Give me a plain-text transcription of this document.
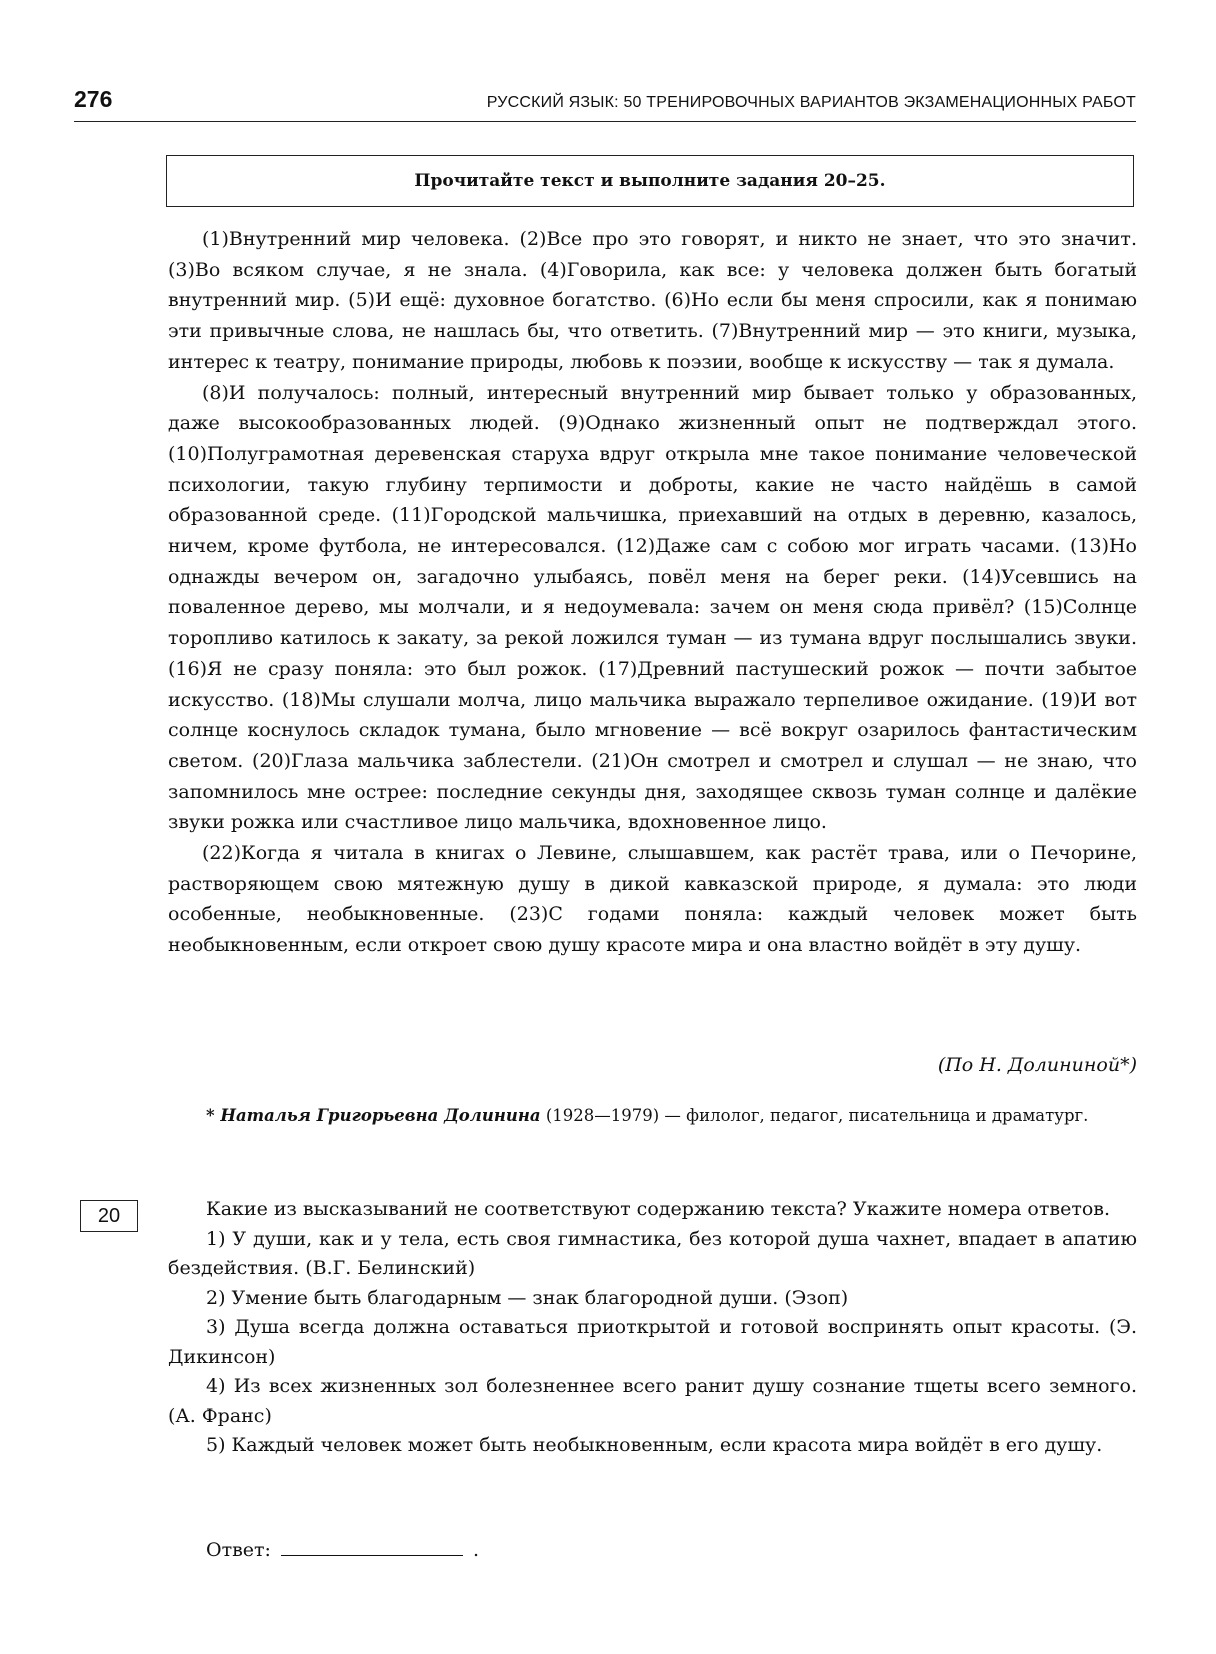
276	РУССКИЙ ЯЗЫК: 50 ТРЕНИРОВОЧНЫХ ВАРИАНТОВ ЭКЗАМЕНАЦИОННЫХ РАБОТ
Прочитайте текст и выполните задания 20–25.

(1)Внутренний мир человека. (2)Все про это говорят, и никто не знает, что это значит. (3)Во всяком случае, я не знала. (4)Говорила, как все: у человека должен быть богатый внутренний мир. (5)И ещё: духовное богатство. (6)Но если бы меня спросили, как я понимаю эти привычные слова, не нашлась бы, что ответить. (7)Внутренний мир — это книги, музыка, интерес к театру, понимание природы, любовь к поэзии, вообще к искусству — так я думала.

(8)И получалось: полный, интересный внутренний мир бывает только у образованных, даже высокообразованных людей. (9)Однако жизненный опыт не подтверждал этого. (10)Полуграмотная деревенская старуха вдруг открыла мне такое понимание человеческой психологии, такую глубину терпимости и доброты, какие не часто найдёшь в самой образованной среде. (11)Городской мальчишка, приехавший на отдых в деревню, казалось, ничем, кроме футбола, не интересовался. (12)Даже сам с собою мог играть часами. (13)Но однажды вечером он, загадочно улыбаясь, повёл меня на берег реки. (14)Усевшись на поваленное дерево, мы молчали, и я недоумевала: зачем он меня сюда привёл? (15)Солнце торопливо катилось к закату, за рекой ложился туман — из тумана вдруг послышались звуки. (16)Я не сразу поняла: это был рожок. (17)Древний пастушеский рожок — почти забытое искусство. (18)Мы слушали молча, лицо мальчика выражало терпеливое ожидание. (19)И вот солнце коснулось складок тумана, было мгновение — всё вокруг озарилось фантастическим светом. (20)Глаза мальчика заблестели. (21)Он смотрел и смотрел и слушал — не знаю, что запомнилось мне острее: последние секунды дня, заходящее сквозь туман солнце и далёкие звуки рожка или счастливое лицо мальчика, вдохновенное лицо.

(22)Когда я читала в книгах о Левине, слышавшем, как растёт трава, или о Печорине, растворяющем свою мятежную душу в дикой кавказской природе, я думала: это люди особенные, необыкновенные. (23)С годами поняла: каждый человек может быть необыкновенным, если откроет свою душу красоте мира и она властно войдёт в эту душу.

(По Н. Долининой*)
* Наталья Григорьевна Долинина (1928—1979) — филолог, педагог, писательница и драматург.
20	Какие из высказываний не соответствуют содержанию текста? Укажите номера ответов.

1) У души, как и у тела, есть своя гимнастика, без которой душа чахнет, впадает в апатию бездействия. (В.Г. Белинский)

2) Умение быть благодарным — знак благородной души. (Эзоп)

3) Душа всегда должна оставаться приоткрытой и готовой воспринять опыт красоты. (Э. Дикинсон)

4) Из всех жизненных зол болезненнее всего ранит душу сознание тщеты всего земного. (А. Франс)

5) Каждый человек может быть необыкновенным, если красота мира войдёт в его душу.

Ответ:	.
